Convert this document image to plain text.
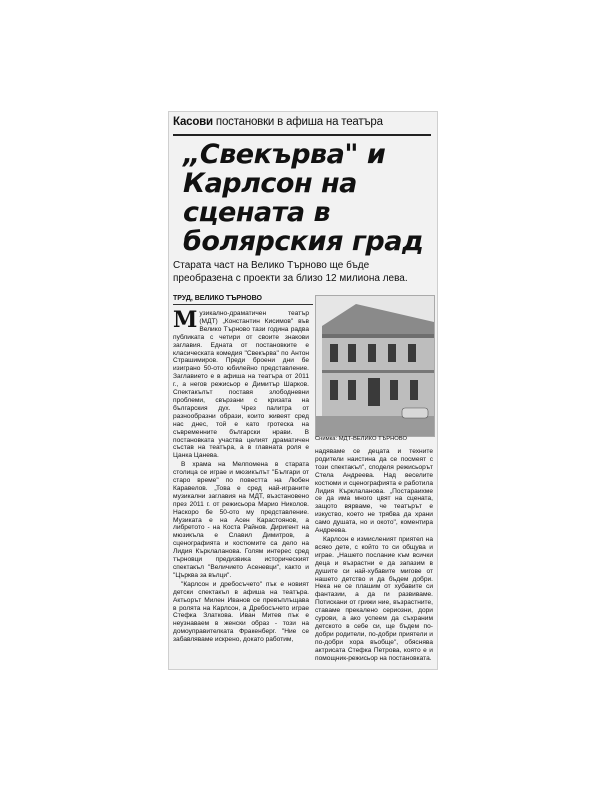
Касови постановки в афиша на театъра
„Свекърва" и
Карлсон на
сцената в
болярския град
Старата част на Велико Търново ще бъде преобразена с проекти за близо 12 милиона лева.
ТРУД, ВЕЛИКО ТЪРНОВО

Музикално-драматичен театър (МДТ) „Константин Кисимов" във Велико Търново тази година радва публиката с четири от своите знакови заглавия. Едната от постановките е класическата комедия "Свекърва" по Антон Страшимиров. Преди броени дни бе изиграно 50-ото юбилейно представление. Заглавието е в афиша на театъра от 2011 г., а негов режисьор е Димитър Шарков. Спектакълът поставя злободневни проблеми, свързани с кризата на българския дух. Чрез палитра от разнообразни образи, които живеят сред нас днес, той е като гротеска на съвременните български нрави. В постановката участва целият драматичен състав на театъра, а в главната роля е Цанка Цанева.

В храма на Мелпомена в старата столица се играе и мюзикълът "Българи от старо време" по повестта на Любен Каравелов. „Това е сред най-играните музикални заглавия на МДТ, възстановено през 2011 г. от режисьора Марио Николов. Наскоро бе 50-ото му представление. Музиката е на Асен Карастоянов, а либретото - на Коста Райнов. Диригент на мюзикъла е Славил Димитров, а сценографията и костюмите са дело на Лидия Кърклаланова. Голям интерес сред търновци предизвика историческият спектакъл "Величието Асеневци", както и "Църква за вълци".

"Карлсон и дребосъчето" пък е новият детски спектакъл в афиша на театъра. Актьорът Милен Иванов се превъплъщава в ролята на Карлсон, а Дребосъчето играе Стефка Златкова. Иван Митев пък е неузнаваем в женски образ - този на домоуправителката Фракенберг. "Ние се забавляваме искрено, докато работим,

Снимка: МДТ-ВЕЛИКО ТЪРНОВО

надяваме се децата и техните родители наистина да се посмеят с този спектакъл", споделя режисьорът Стела Андреева. Над веселите костюми и сценографията е работила Лидия Кърклаланова. „Постараихме се да има много цвят на сцената, защото вярваме, че театърът е изкуство, което не трябва да храни само душата, но и окото", коментира Андреева.

Карлсон е измисленият приятел на всяко дете, с който то си общува и играе. „Нашето послание към всички деца и възрастни е да запазим в душите си най-хубавите мигове от нашето детство и да бъдем добри. Нека не се плашим от хубавите си фантазии, а да ги развиваме. Потискани от грижи ние, възрастните, ставаме прекалено сериозни, дори сурови, а ако успеем да съхраним детското в себе си, ще бъдем по-добри родители, по-добри приятели и по-добри хора въобще", обяснява актрисата Стефка Петрова, която е и помощник-режисьор на постановката.
